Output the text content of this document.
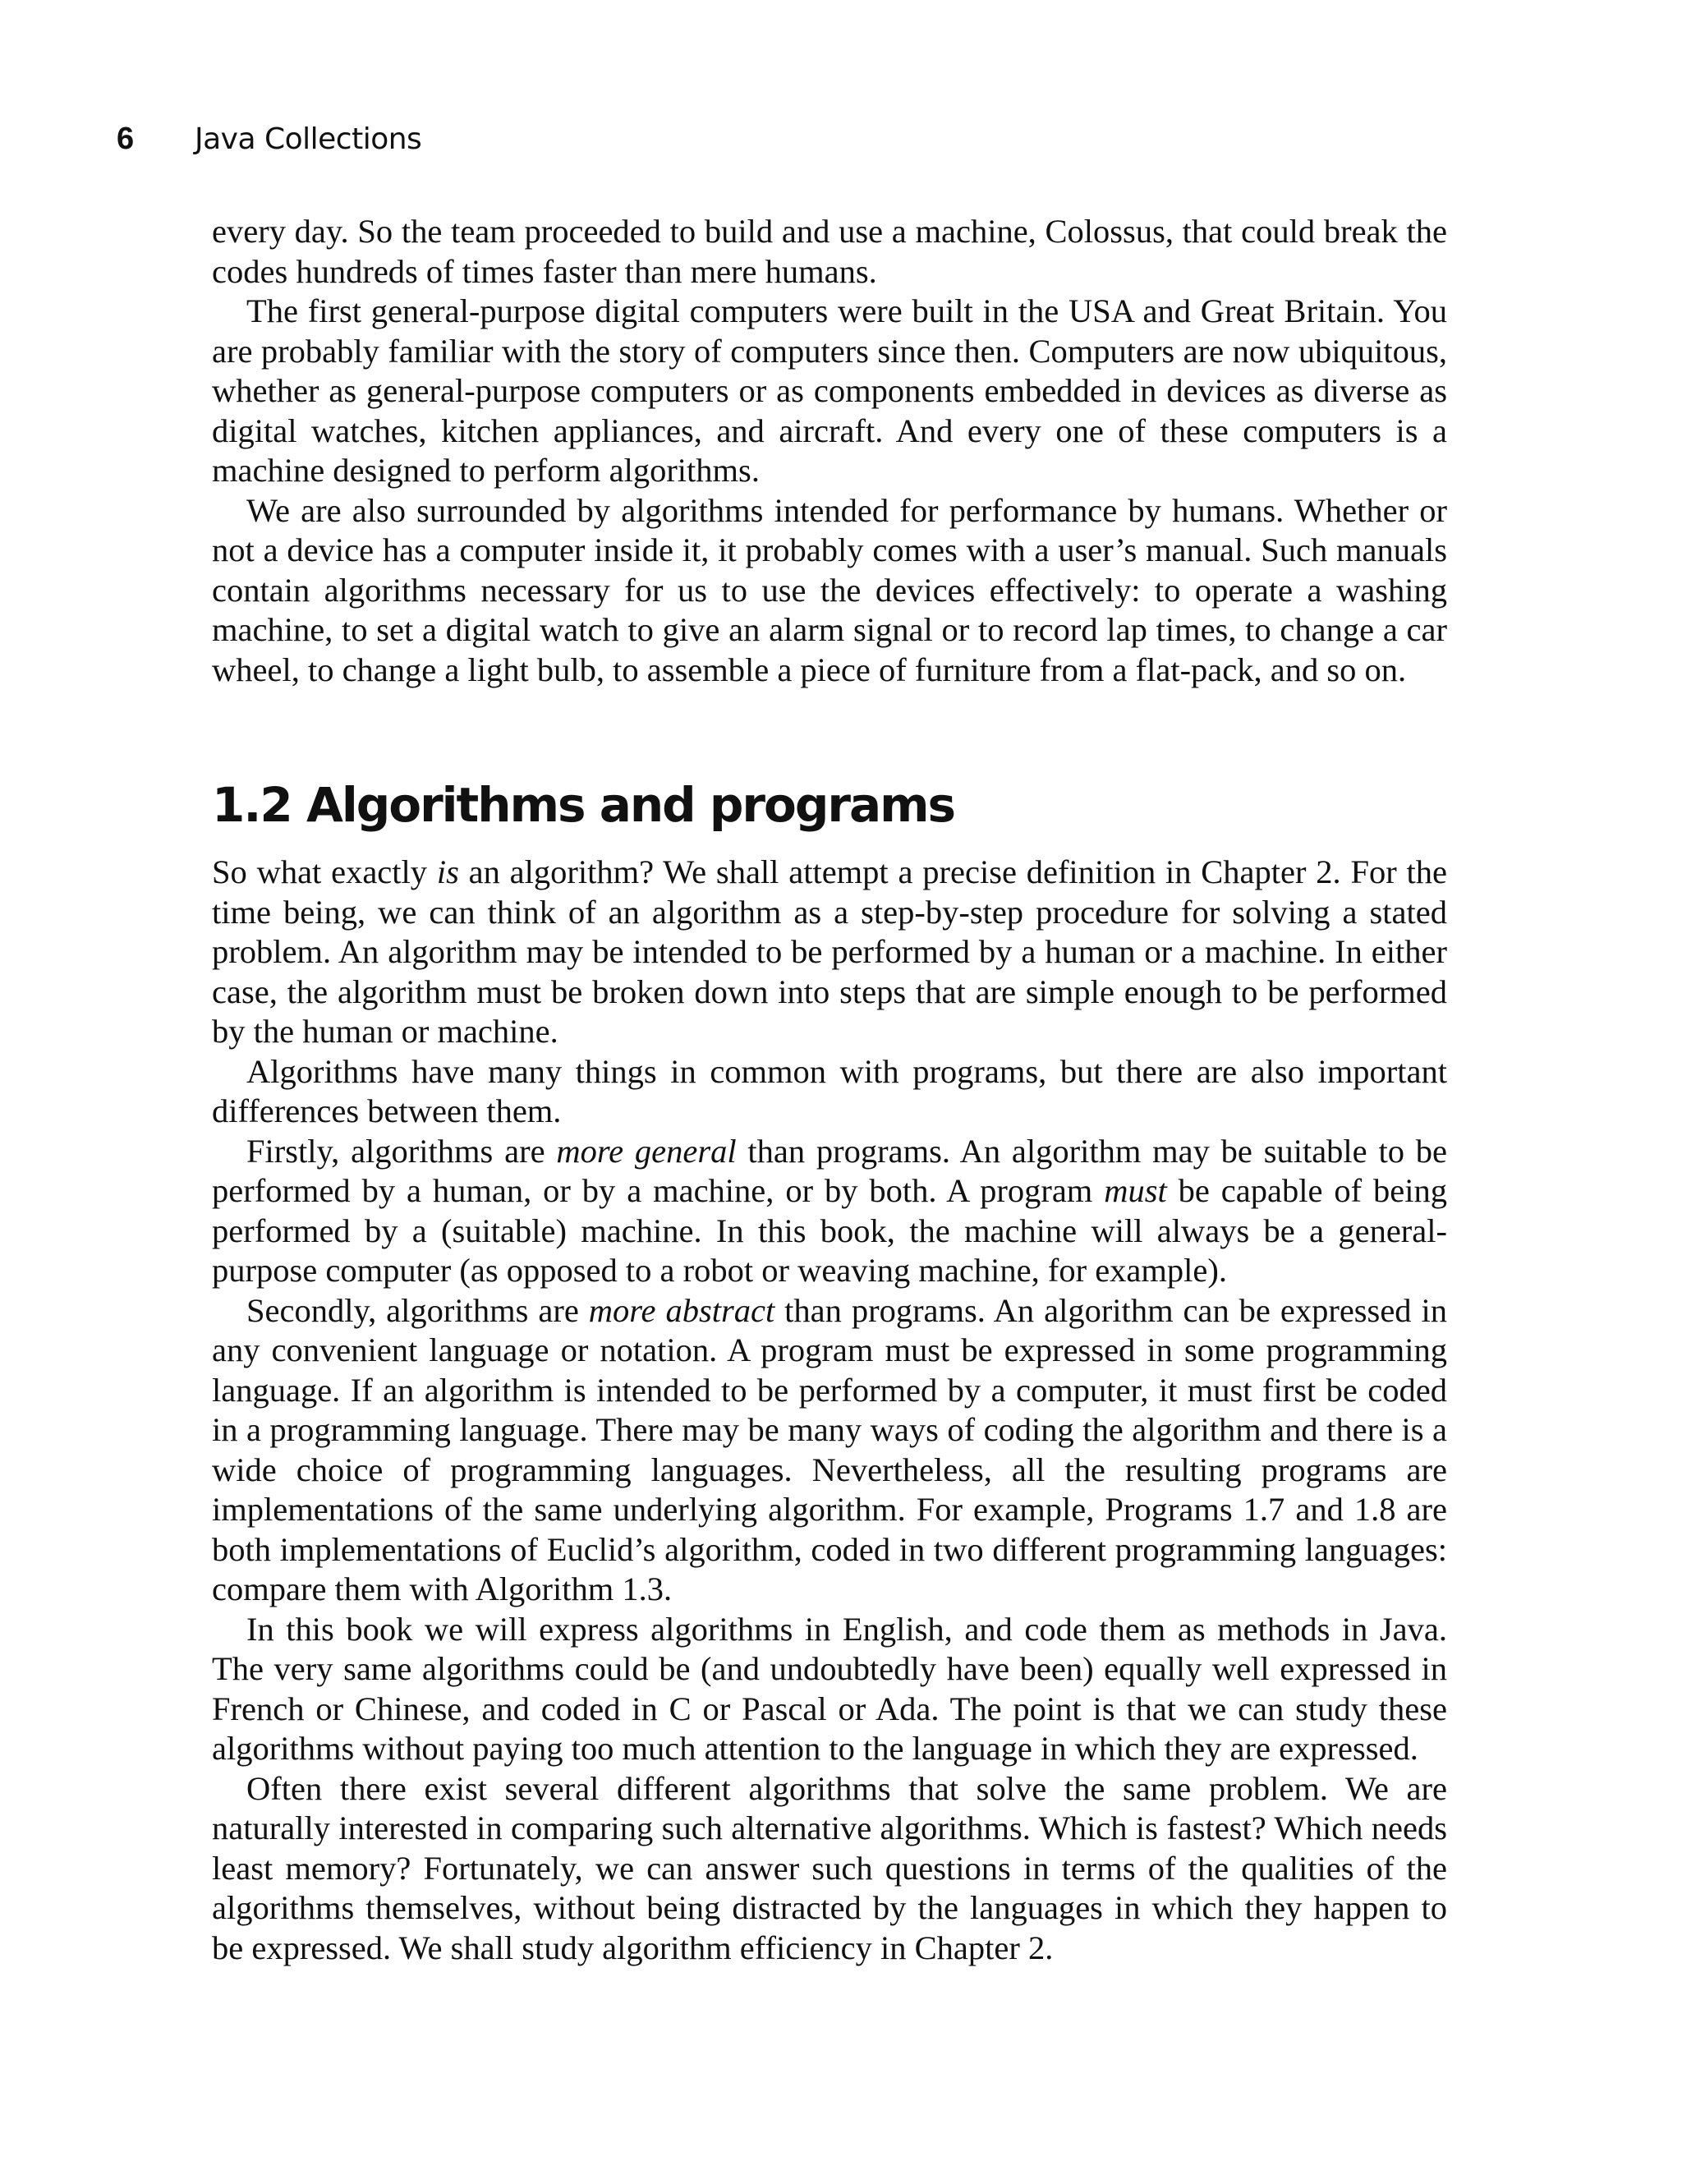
6	Java Collections

every day. So the team proceeded to build and use a machine, Colossus, that could break the codes hundreds of times faster than mere humans.

The first general-purpose digital computers were built in the USA and Great Britain. You are probably familiar with the story of computers since then. Computers are now ubiquitous, whether as general-purpose computers or as components embedded in devices as diverse as digital watches, kitchen appliances, and aircraft. And every one of these computers is a machine designed to perform algorithms.

We are also surrounded by algorithms intended for performance by humans. Whether or not a device has a computer inside it, it probably comes with a user’s manual. Such manuals contain algorithms necessary for us to use the devices effectively: to operate a washing machine, to set a digital watch to give an alarm signal or to record lap times, to change a car wheel, to change a light bulb, to assemble a piece of furniture from a flat-pack, and so on.

1.2 Algorithms and programs

So what exactly is an algorithm? We shall attempt a precise definition in Chapter 2. For the time being, we can think of an algorithm as a step-by-step procedure for solving a stated problem. An algorithm may be intended to be performed by a human or a machine. In either case, the algorithm must be broken down into steps that are simple enough to be performed by the human or machine.

Algorithms have many things in common with programs, but there are also important differences between them.

Firstly, algorithms are more general than programs. An algorithm may be suitable to be performed by a human, or by a machine, or by both. A program must be capable of being performed by a (suitable) machine. In this book, the machine will always be a general-purpose computer (as opposed to a robot or weaving machine, for example).

Secondly, algorithms are more abstract than programs. An algorithm can be expressed in any convenient language or notation. A program must be expressed in some programming language. If an algorithm is intended to be performed by a computer, it must first be coded in a programming language. There may be many ways of coding the algorithm and there is a wide choice of programming languages. Nevertheless, all the resulting programs are implementations of the same underlying algorithm. For example, Programs 1.7 and 1.8 are both implementations of Euclid’s algorithm, coded in two different programming languages: compare them with Algorithm 1.3.

In this book we will express algorithms in English, and code them as methods in Java. The very same algorithms could be (and undoubtedly have been) equally well expressed in French or Chinese, and coded in C or Pascal or Ada. The point is that we can study these algorithms without paying too much attention to the language in which they are expressed.

Often there exist several different algorithms that solve the same problem. We are naturally interested in comparing such alternative algorithms. Which is fastest? Which needs least memory? Fortunately, we can answer such questions in terms of the qualities of the algorithms themselves, without being distracted by the languages in which they happen to be expressed. We shall study algorithm efficiency in Chapter 2.
